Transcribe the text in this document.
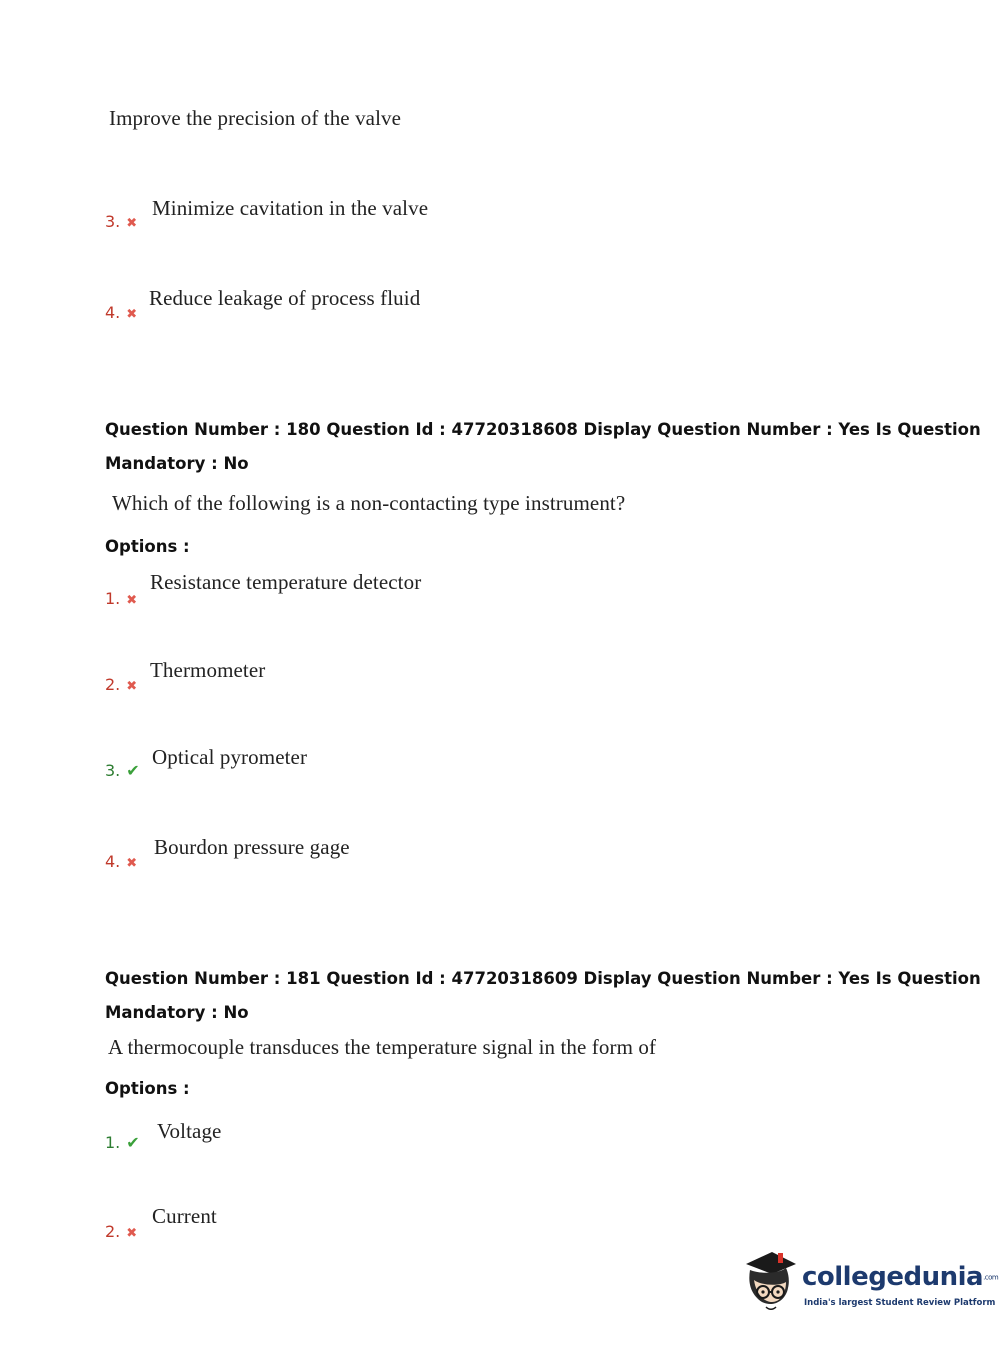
Improve the precision of the valve
3. ✖
Minimize cavitation in the valve
4. ✖
Reduce leakage of process fluid
Question Number : 180 Question Id : 47720318608 Display Question Number : Yes Is Question
Mandatory : No
Which of the following is a non-contacting type instrument?
Options :
1. ✖
Resistance temperature detector
2. ✖
Thermometer
3. ✔
Optical pyrometer
4. ✖
Bourdon pressure gage
Question Number : 181 Question Id : 47720318609 Display Question Number : Yes Is Question
Mandatory : No
A thermocouple transduces the temperature signal in the form of
Options :
1. ✔ Voltage
2. ✖
Current
collegedunia.com
India's largest Student Review Platform
